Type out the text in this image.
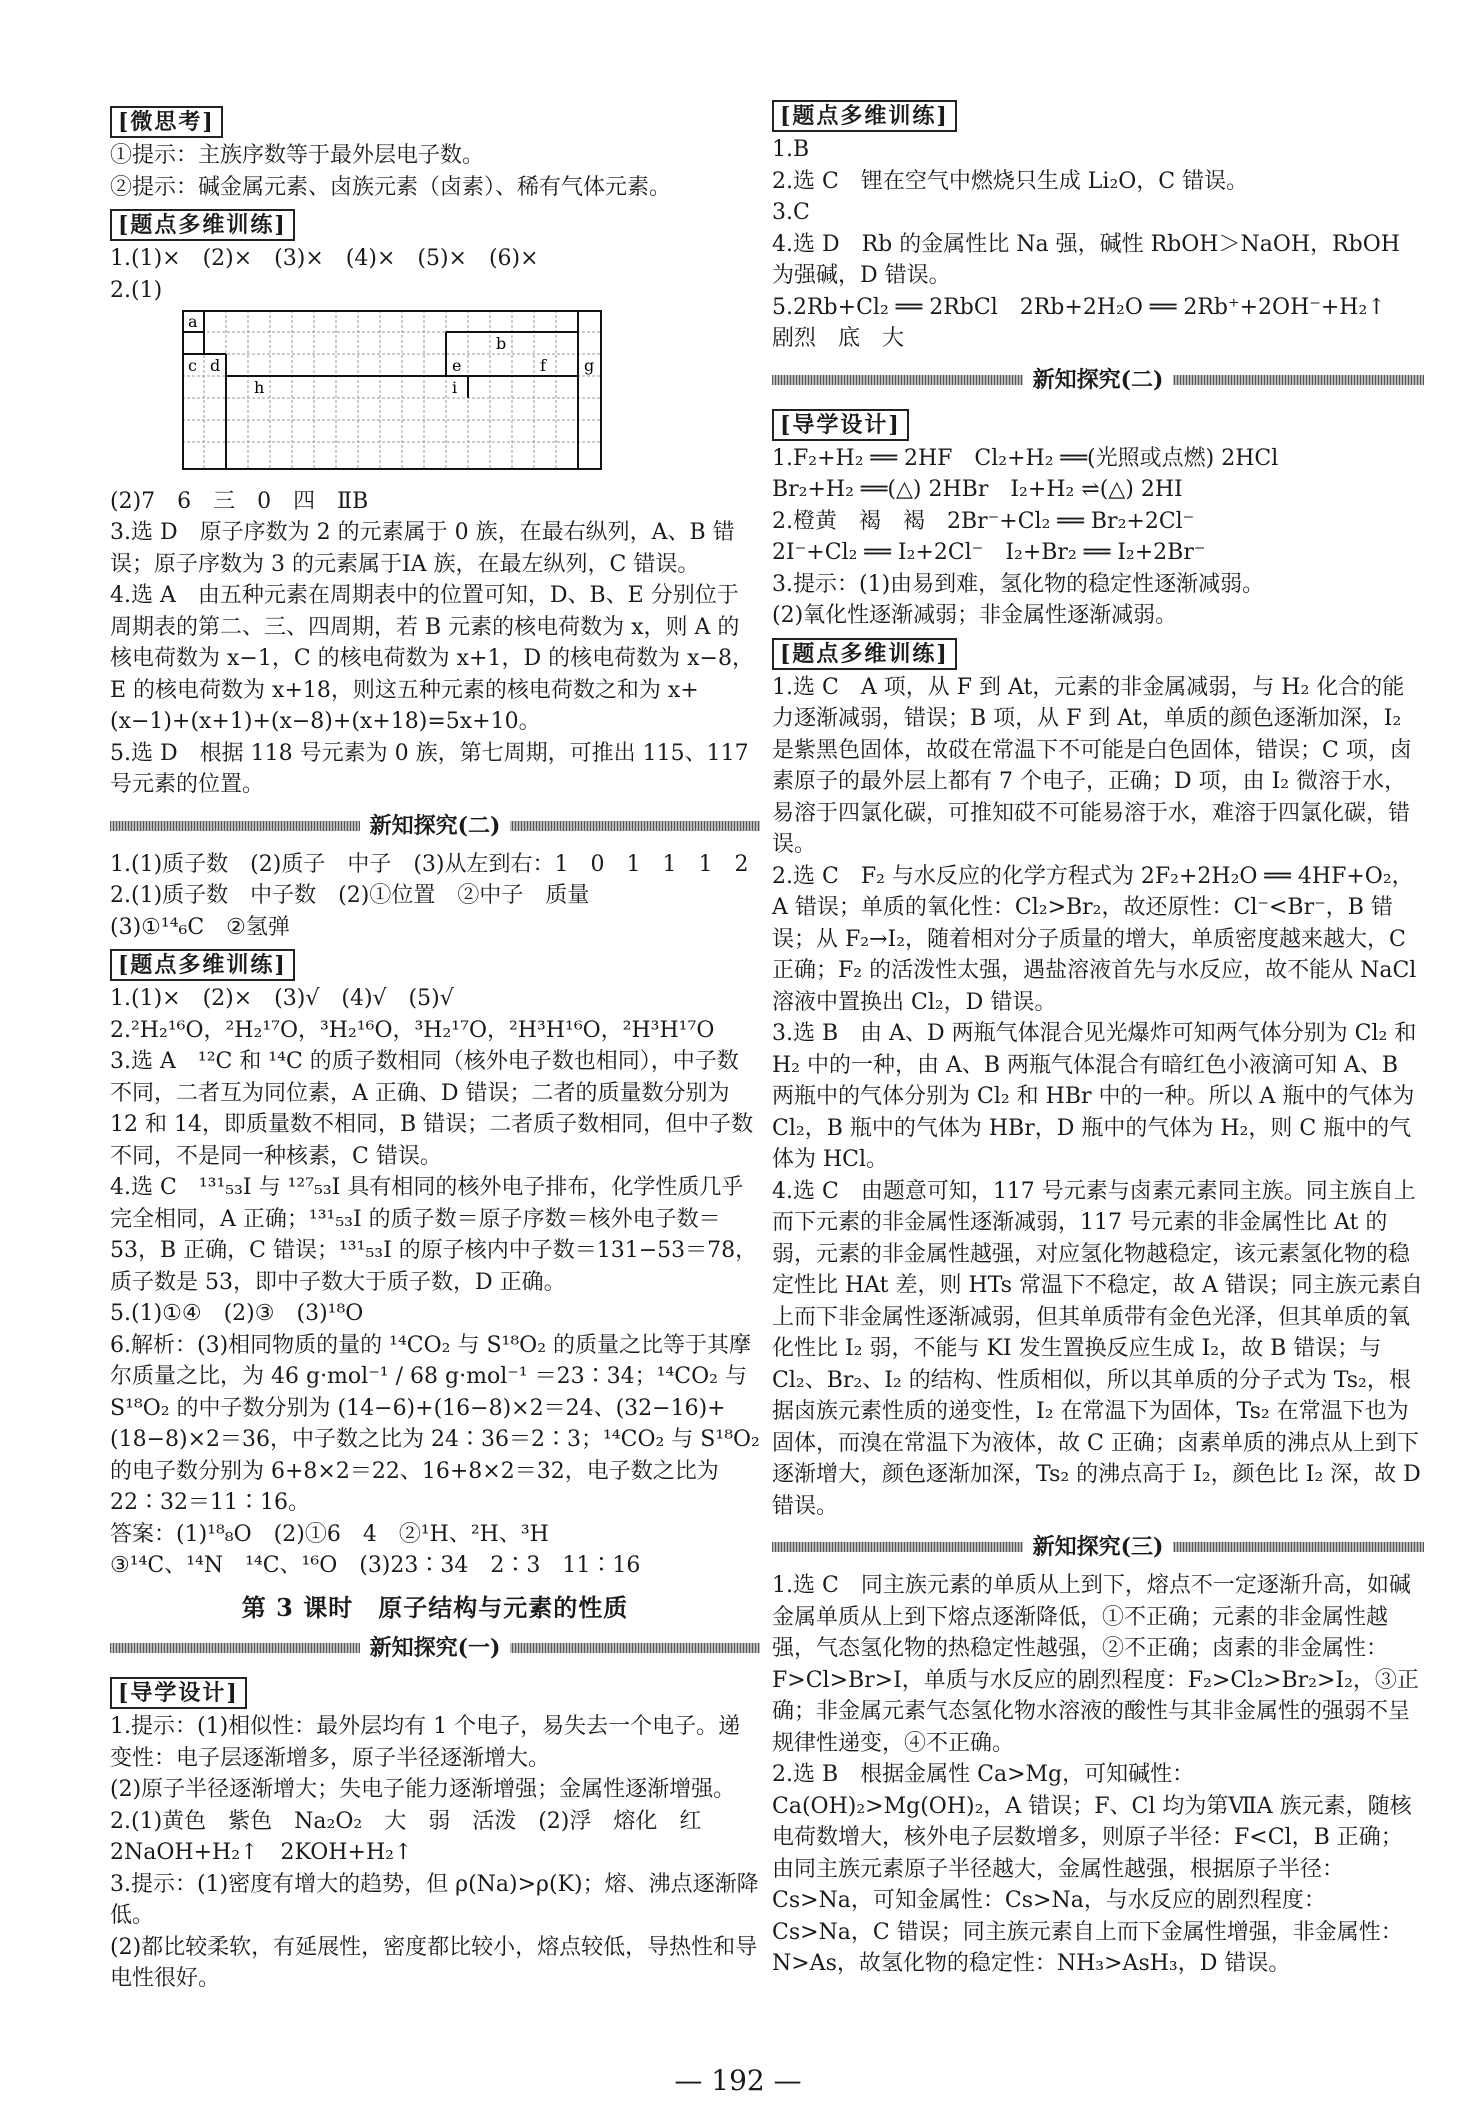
[微思考]
①提示：主族序数等于最外层电子数。
②提示：碱金属元素、卤族元素（卤素）、稀有气体元素。
[题点多维训练]
1.(1)×　(2)×　(3)×　(4)×　(5)×　(6)×
2.(1)
a
c d
h
b
e	f g
i
(2)7　6　三　0　四　ⅡB
3.选 D　原子序数为 2 的元素属于 0 族，在最右纵列，A、B 错误；原子序数为 3 的元素属于ⅠA 族，在最左纵列，C 错误。
4.选 A　由五种元素在周期表中的位置可知，D、B、E 分别位于周期表的第二、三、四周期，若 B 元素的核电荷数为 x，则 A 的核电荷数为 x−1，C 的核电荷数为 x+1，D 的核电荷数为 x−8，E 的核电荷数为 x+18，则这五种元素的核电荷数之和为 x+(x−1)+(x+1)+(x−8)+(x+18)=5x+10。
5.选 D　根据 118 号元素为 0 族，第七周期，可推出 115、117 号元素的位置。
新知探究(二)
1.(1)质子数　(2)质子　中子　(3)从左到右：1　0　1　1　1　2
2.(1)质子数　中子数　(2)①位置　②中子　质量
(3)①¹⁴₆C　②氢弹
[题点多维训练]
1.(1)×　(2)×　(3)√　(4)√　(5)√
2.²H₂¹⁶O，²H₂¹⁷O，³H₂¹⁶O，³H₂¹⁷O，²H³H¹⁶O，²H³H¹⁷O
3.选 A　¹²C 和 ¹⁴C 的质子数相同（核外电子数也相同），中子数不同，二者互为同位素，A 正确、D 错误；二者的质量数分别为 12 和 14，即质量数不相同，B 错误；二者质子数相同，但中子数不同，不是同一种核素，C 错误。
4.选 C　¹³¹₅₃I 与 ¹²⁷₅₃I 具有相同的核外电子排布，化学性质几乎完全相同，A 正确；¹³¹₅₃I 的质子数＝原子序数＝核外电子数＝53，B 正确，C 错误；¹³¹₅₃I 的原子核内中子数＝131−53＝78，质子数是 53，即中子数大于质子数，D 正确。
5.(1)①④　(2)③　(3)¹⁸O
6.解析：(3)相同物质的量的 ¹⁴CO₂ 与 S¹⁸O₂ 的质量之比等于其摩尔质量之比，为 46 g·mol⁻¹ / 68 g·mol⁻¹ ＝23∶34；¹⁴CO₂ 与 S¹⁸O₂ 的中子数分别为 (14−6)+(16−8)×2＝24、(32−16)+(18−8)×2＝36，中子数之比为 24∶36＝2∶3；¹⁴CO₂ 与 S¹⁸O₂ 的电子数分别为 6+8×2＝22、16+8×2＝32，电子数之比为 22∶32＝11∶16。
答案：(1)¹⁸₈O　(2)①6　4　②¹H、²H、³H
③¹⁴C、¹⁴N　¹⁴C、¹⁶O　(3)23∶34　2∶3　11∶16
第 3 课时　原子结构与元素的性质
新知探究(一)
[导学设计]
1.提示：(1)相似性：最外层均有 1 个电子，易失去一个电子。递变性：电子层逐渐增多，原子半径逐渐增大。
(2)原子半径逐渐增大；失电子能力逐渐增强；金属性逐渐增强。
2.(1)黄色　紫色　Na₂O₂　大　弱　活泼　(2)浮　熔化　红　2NaOH+H₂↑　2KOH+H₂↑
3.提示：(1)密度有增大的趋势，但 ρ(Na)>ρ(K)；熔、沸点逐渐降低。
(2)都比较柔软，有延展性，密度都比较小，熔点较低，导热性和导电性很好。
[题点多维训练]
1.B
2.选 C　锂在空气中燃烧只生成 Li₂O，C 错误。
3.C
4.选 D　Rb 的金属性比 Na 强，碱性 RbOH＞NaOH，RbOH 为强碱，D 错误。
5.2Rb+Cl₂ ══ 2RbCl　2Rb+2H₂O ══ 2Rb⁺+2OH⁻+H₂↑
剧烈　底　大
新知探究(二)
[导学设计]
1.F₂+H₂ ══ 2HF　Cl₂+H₂ ══(光照或点燃) 2HCl
Br₂+H₂ ══(△) 2HBr　I₂+H₂ ⇌(△) 2HI
2.橙黄　褐　褐　2Br⁻+Cl₂ ══ Br₂+2Cl⁻
2I⁻+Cl₂ ══ I₂+2Cl⁻　I₂+Br₂ ══ I₂+2Br⁻
3.提示：(1)由易到难，氢化物的稳定性逐渐减弱。
(2)氧化性逐渐减弱；非金属性逐渐减弱。
[题点多维训练]
1.选 C　A 项，从 F 到 At，元素的非金属减弱，与 H₂ 化合的能力逐渐减弱，错误；B 项，从 F 到 At，单质的颜色逐渐加深，I₂ 是紫黑色固体，故砹在常温下不可能是白色固体，错误；C 项，卤素原子的最外层上都有 7 个电子，正确；D 项，由 I₂ 微溶于水，易溶于四氯化碳，可推知砹不可能易溶于水，难溶于四氯化碳，错误。
2.选 C　F₂ 与水反应的化学方程式为 2F₂+2H₂O ══ 4HF+O₂，A 错误；单质的氧化性：Cl₂>Br₂，故还原性：Cl⁻<Br⁻，B 错误；从 F₂→I₂，随着相对分子质量的增大，单质密度越来越大，C 正确；F₂ 的活泼性太强，遇盐溶液首先与水反应，故不能从 NaCl 溶液中置换出 Cl₂，D 错误。
3.选 B　由 A、D 两瓶气体混合见光爆炸可知两气体分别为 Cl₂ 和 H₂ 中的一种，由 A、B 两瓶气体混合有暗红色小液滴可知 A、B 两瓶中的气体分别为 Cl₂ 和 HBr 中的一种。所以 A 瓶中的气体为 Cl₂，B 瓶中的气体为 HBr，D 瓶中的气体为 H₂，则 C 瓶中的气体为 HCl。
4.选 C　由题意可知，117 号元素与卤素元素同主族。同主族自上而下元素的非金属性逐渐减弱，117 号元素的非金属性比 At 的弱，元素的非金属性越强，对应氢化物越稳定，该元素氢化物的稳定性比 HAt 差，则 HTs 常温下不稳定，故 A 错误；同主族元素自上而下非金属性逐渐减弱，但其单质带有金色光泽，但其单质的氧化性比 I₂ 弱，不能与 KI 发生置换反应生成 I₂，故 B 错误；与 Cl₂、Br₂、I₂ 的结构、性质相似，所以其单质的分子式为 Ts₂，根据卤族元素性质的递变性，I₂ 在常温下为固体，Ts₂ 在常温下也为固体，而溴在常温下为液体，故 C 正确；卤素单质的沸点从上到下逐渐增大，颜色逐渐加深，Ts₂ 的沸点高于 I₂，颜色比 I₂ 深，故 D 错误。
新知探究(三)
1.选 C　同主族元素的单质从上到下，熔点不一定逐渐升高，如碱金属单质从上到下熔点逐渐降低，①不正确；元素的非金属性越强，气态氢化物的热稳定性越强，②不正确；卤素的非金属性：F>Cl>Br>I，单质与水反应的剧烈程度：F₂>Cl₂>Br₂>I₂，③正确；非金属元素气态氢化物水溶液的酸性与其非金属性的强弱不呈规律性递变，④不正确。
2.选 B　根据金属性 Ca>Mg，可知碱性：Ca(OH)₂>Mg(OH)₂，A 错误；F、Cl 均为第ⅦA 族元素，随核电荷数增大，核外电子层数增多，则原子半径：F<Cl，B 正确；由同主族元素原子半径越大，金属性越强，根据原子半径：Cs>Na，可知金属性：Cs>Na，与水反应的剧烈程度：Cs>Na，C 错误；同主族元素自上而下金属性增强，非金属性：N>As，故氢化物的稳定性：NH₃>AsH₃，D 错误。
— 192 —
